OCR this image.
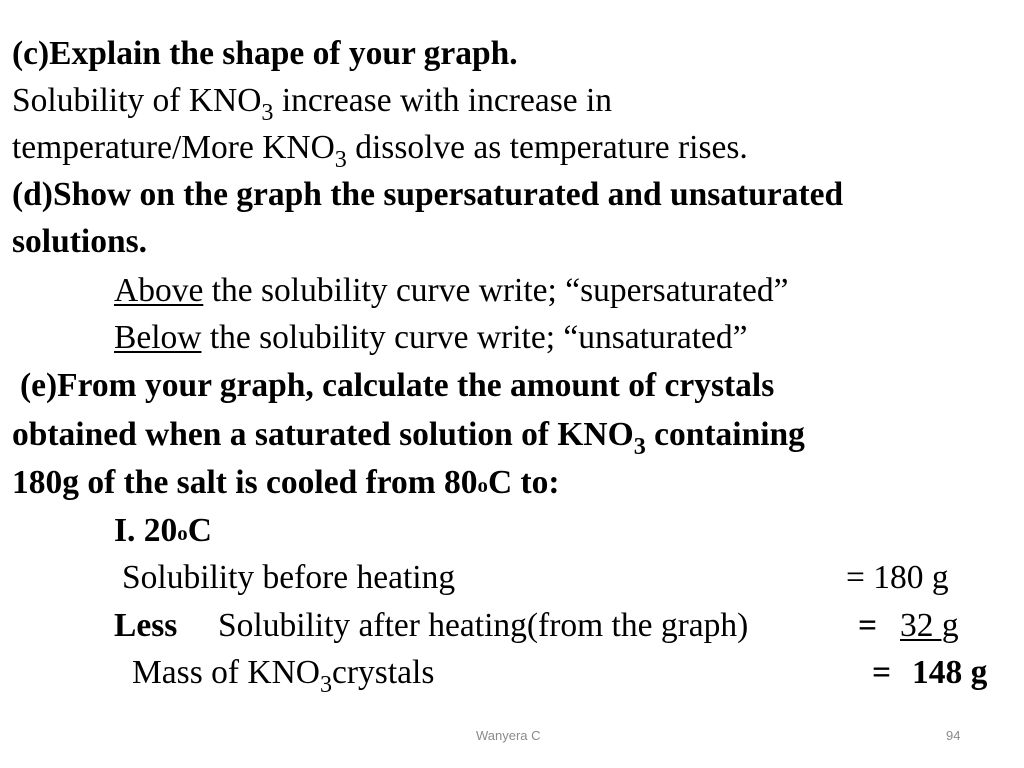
(c)Explain the shape of your graph.
Solubility of $KNO_3$ increase with increase in
temperature/More $KNO_3$ dissolve as temperature rises.
(d)Show on the graph the supersaturated and unsaturated
solutions.
Above the solubility curve write; “supersaturated”
Below the solubility curve write; “unsaturated”
(e)From your graph, calculate the amount of crystals
obtained when a saturated solution of $KNO_3$ containing
180g of the salt is cooled from 80oC to:
I. 20oC
Solubility before heating	= 180 g
Less Solubility after heating(from the graph)	= 32 g
Mass of $KNO_3crystals$	= 148 g
Wanyera C	94
